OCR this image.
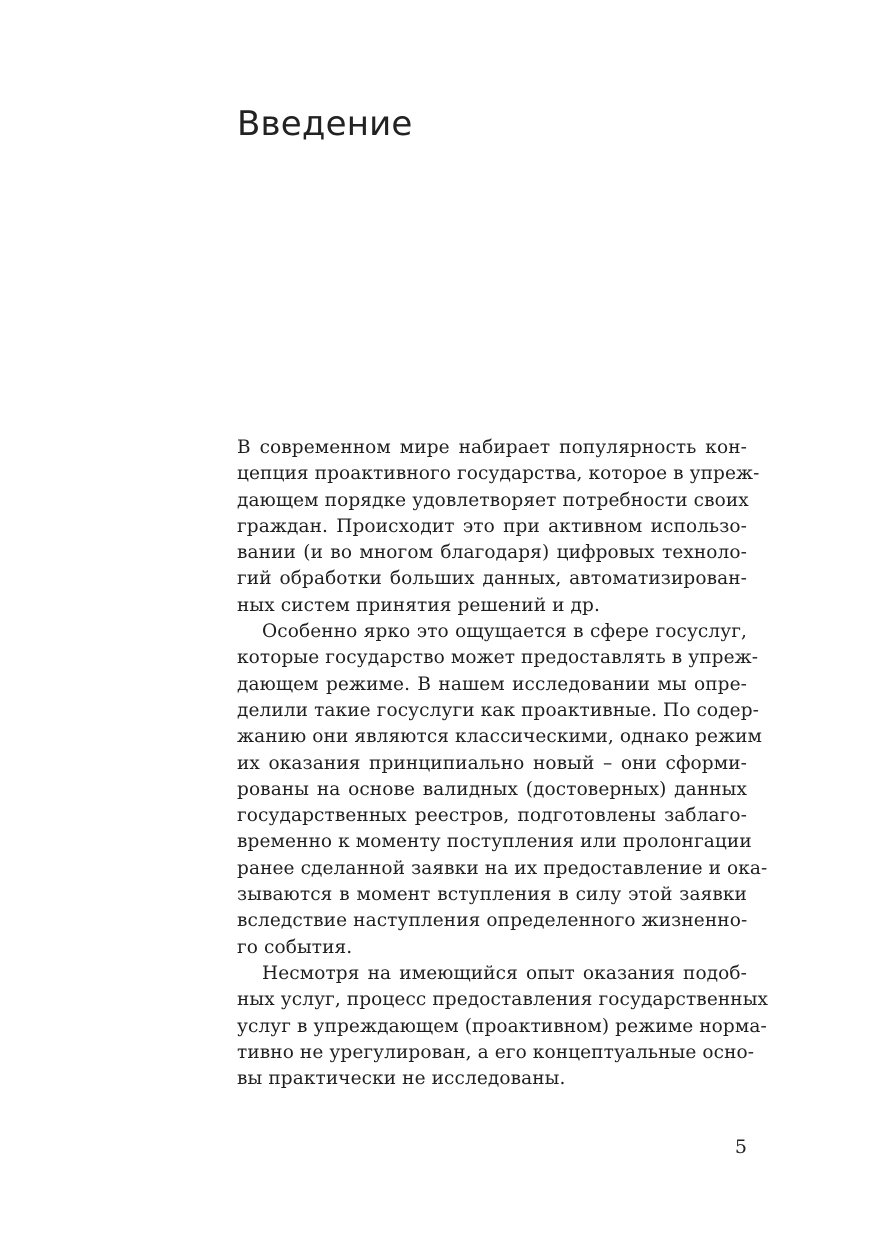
Введение

В современном мире набирает популярность кон-
цепция проактивного государства, которое в упреж-
дающем порядке удовлетворяет потребности своих
граждан. Происходит это при активном использо-
вании (и во многом благодаря) цифровых техноло-
гий обработки больших данных, автоматизирован-
ных систем принятия решений и др.

Особенно ярко это ощущается в сфере госуслуг,
которые государство может предоставлять в упреж-
дающем режиме. В нашем исследовании мы опре-
делили такие госуслуги как проактивные. По содер-
жанию они являются классическими, однако режим
их оказания принципиально новый – они сформи-
рованы на основе валидных (достоверных) данных
государственных реестров, подготовлены заблаго-
временно к моменту поступления или пролонгации
ранее сделанной заявки на их предоставление и ока-
зываются в момент вступления в силу этой заявки
вследствие наступления определенного жизненно-
го события.

Несмотря на имеющийся опыт оказания подоб-
ных услуг, процесс предоставления государственных
услуг в упреждающем (проактивном) режиме норма-
тивно не урегулирован, а его концептуальные осно-
вы практически не исследованы.

5
